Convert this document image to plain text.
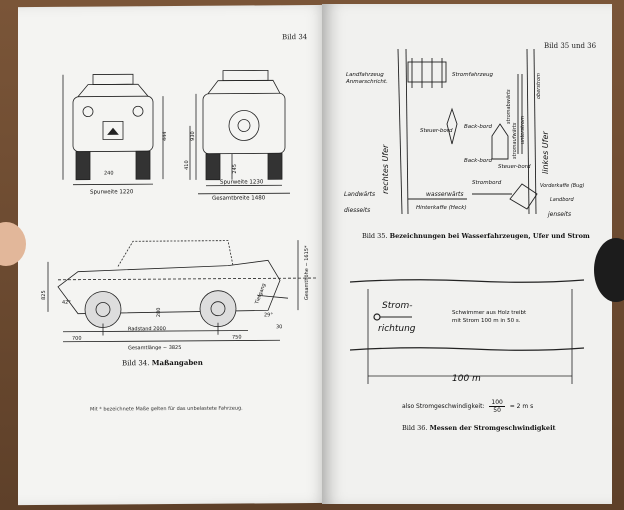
Bild 34
Spurweite 1220
240
444
Spurweite 1230
Gesamtbreite 1480
930
410	245
Radstand 2000
Gesamtlänge ~ 3825
700	750
Gesamthöhe ~ 1615*
825
42°
29°
Tiefgang
280
30
Bild 34. Maßangaben
Mit * bezeichnete Maße gelten für das unbelastete Fahrzeug.
Bild 35 und 36
Landfahrzeug
Anmarschricht.
Stromfahrzeug
rechtes Ufer	linkes Ufer
stromabwärts
stromaufwärts
oberstrom
unterstrom
Steuer-bord
Back-bord
Back-bord
Steuer-bord
Strombord	Vorderkaffe (Bug)
Landbord
Landwärts	wasserwärts
diesseits	Hinterkaffe (Heck)
jenseits
Bild 35. Bezeichnungen bei Wasserfahrzeugen, Ufer und Strom
Strom-
richtung
Schwimmer aus Holz treibt
mit Strom 100 m in 50 s.
100 m
also Stromgeschwindigkeit: $\frac{100}{50} = 2$ m s
Bild 36. Messen der Stromgeschwindigkeit
